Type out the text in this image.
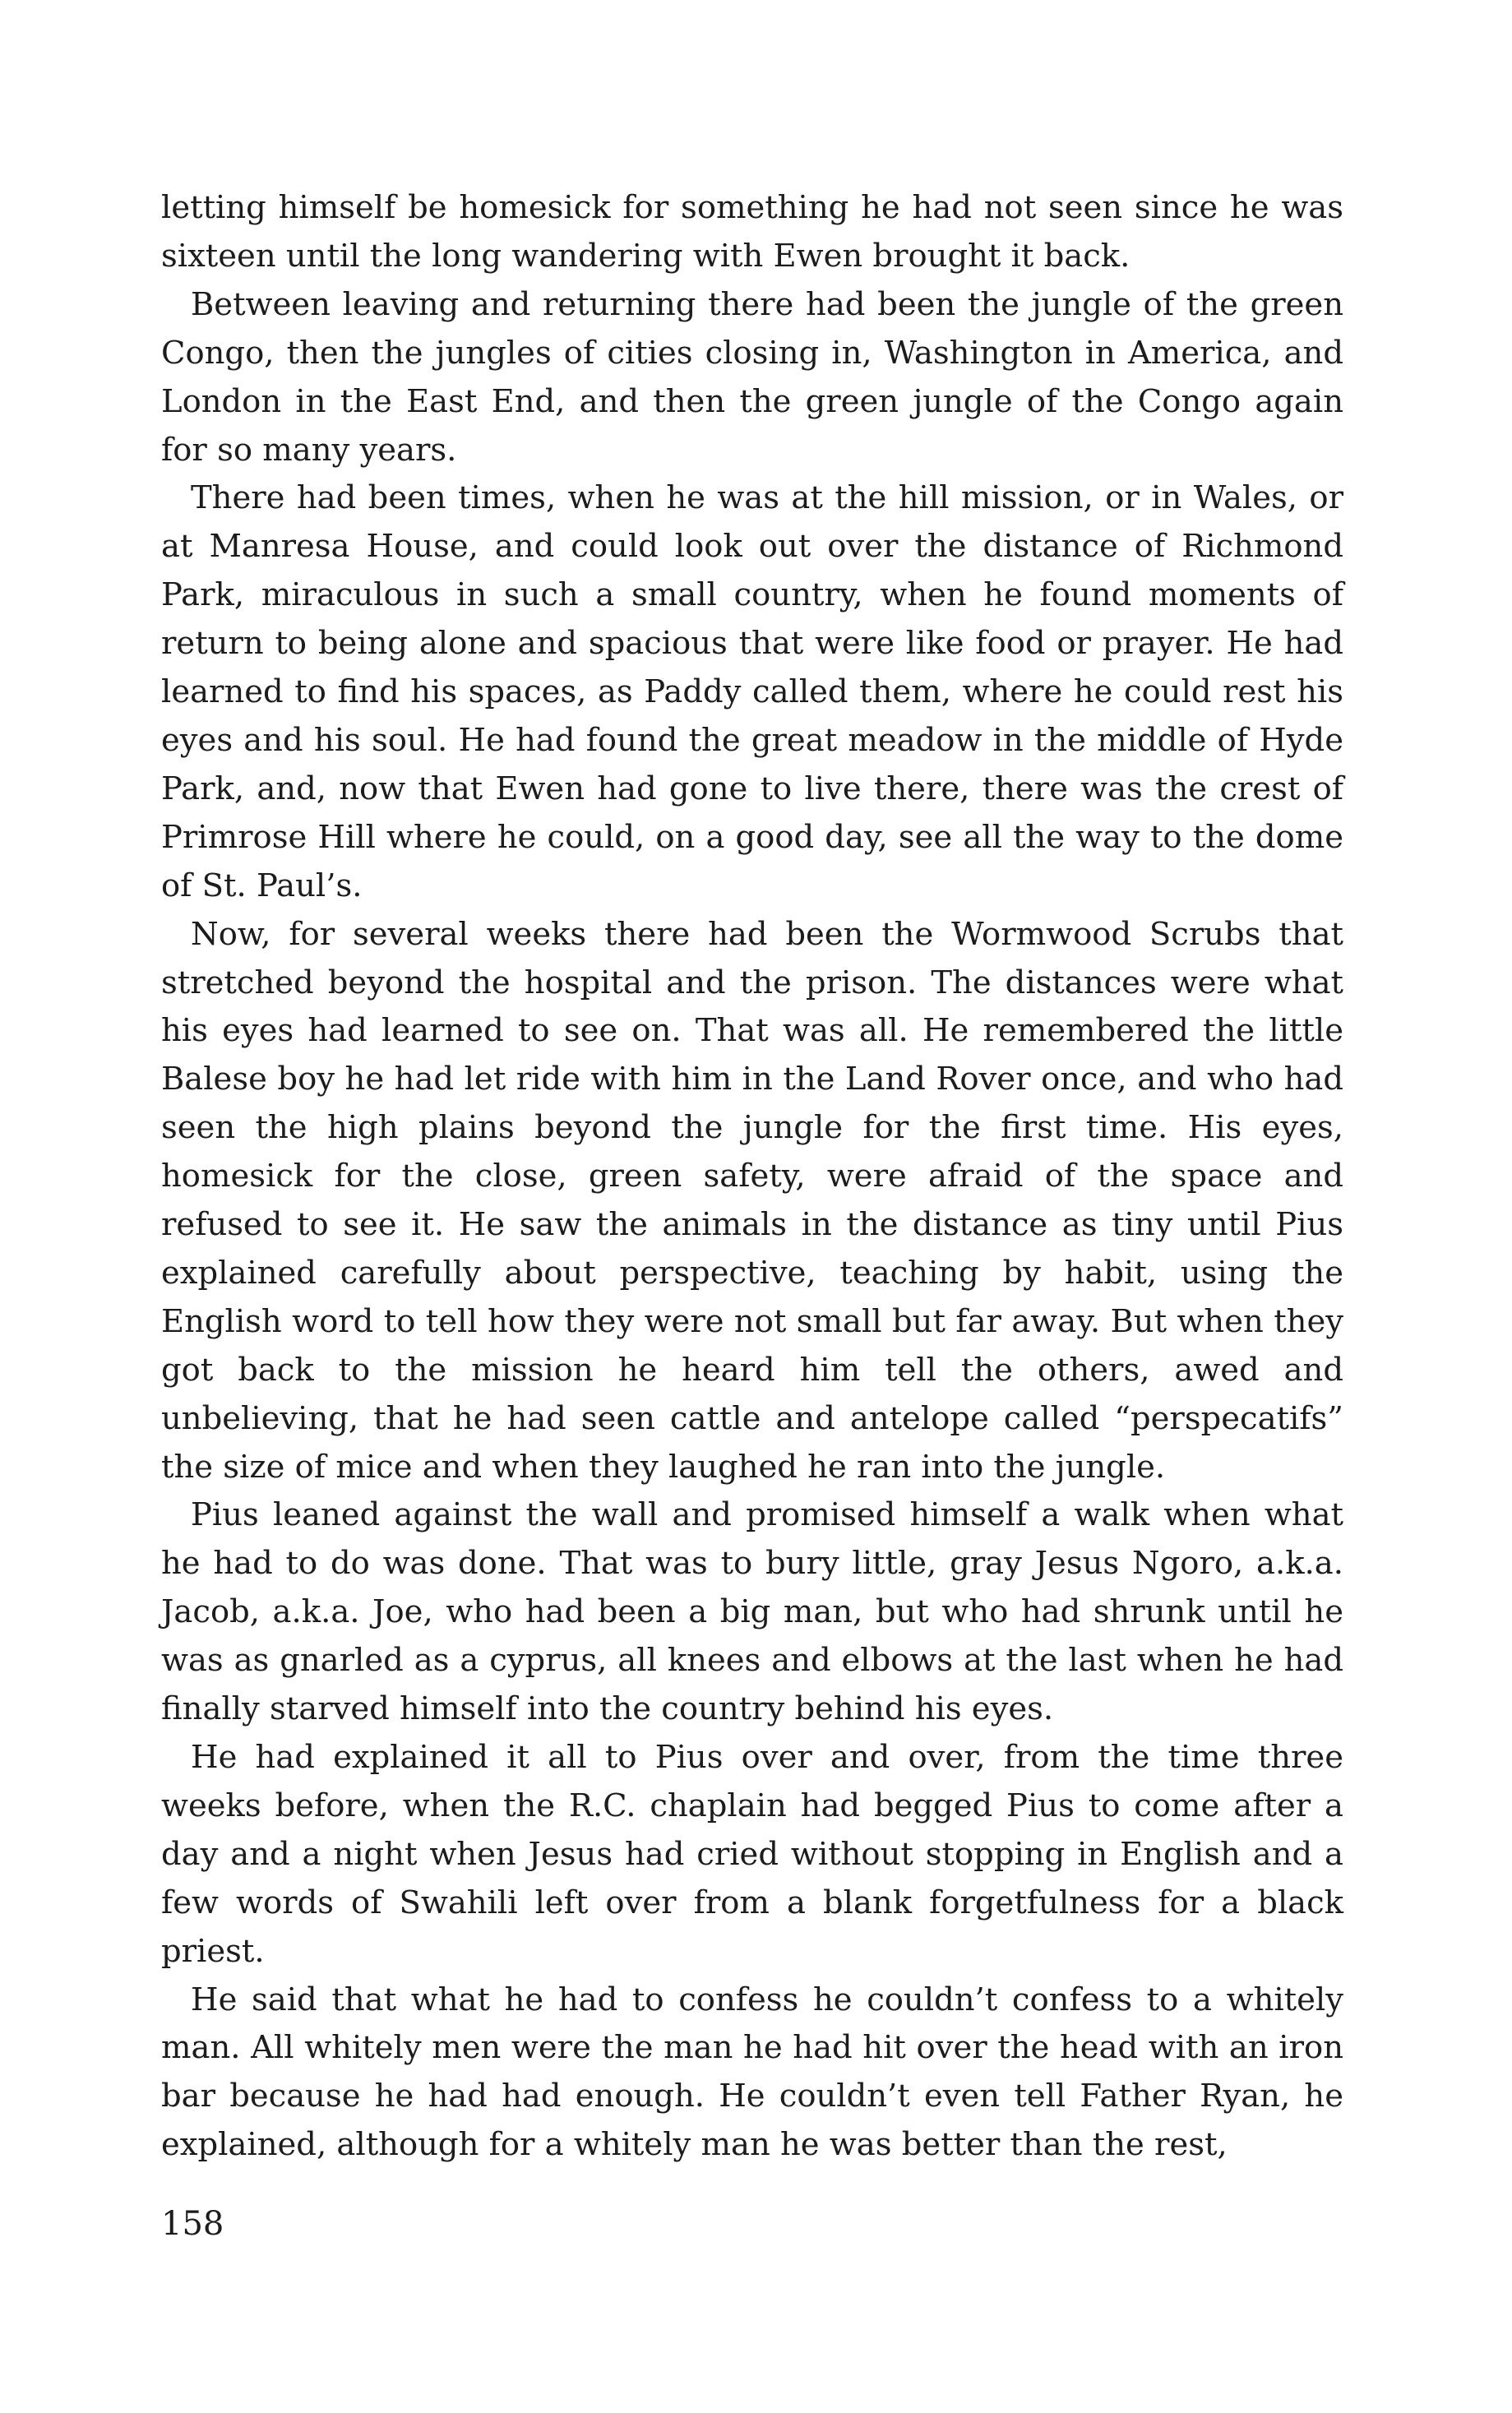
letting himself be homesick for something he had not seen since he was sixteen until the long wandering with Ewen brought it back.

Between leaving and returning there had been the jungle of the green Congo, then the jungles of cities closing in, Washington in America, and London in the East End, and then the green jungle of the Congo again for so many years.

There had been times, when he was at the hill mission, or in Wales, or at Manresa House, and could look out over the distance of Richmond Park, miraculous in such a small country, when he found moments of return to being alone and spacious that were like food or prayer. He had learned to find his spaces, as Paddy called them, where he could rest his eyes and his soul. He had found the great meadow in the middle of Hyde Park, and, now that Ewen had gone to live there, there was the crest of Primrose Hill where he could, on a good day, see all the way to the dome of St. Paul’s.

Now, for several weeks there had been the Wormwood Scrubs that stretched beyond the hospital and the prison. The distances were what his eyes had learned to see on. That was all. He remembered the little Balese boy he had let ride with him in the Land Rover once, and who had seen the high plains beyond the jungle for the first time. His eyes, homesick for the close, green safety, were afraid of the space and refused to see it. He saw the animals in the distance as tiny until Pius explained carefully about perspective, teaching by habit, using the English word to tell how they were not small but far away. But when they got back to the mission he heard him tell the others, awed and unbelieving, that he had seen cattle and antelope called “perspecatifs” the size of mice and when they laughed he ran into the jungle.

Pius leaned against the wall and promised himself a walk when what he had to do was done. That was to bury little, gray Jesus Ngoro, a.k.a. Jacob, a.k.a. Joe, who had been a big man, but who had shrunk until he was as gnarled as a cyprus, all knees and elbows at the last when he had finally starved himself into the country behind his eyes.

He had explained it all to Pius over and over, from the time three weeks before, when the R.C. chaplain had begged Pius to come after a day and a night when Jesus had cried without stopping in English and a few words of Swahili left over from a blank forgetfulness for a black priest.

He said that what he had to confess he couldn’t confess to a whitely man. All whitely men were the man he had hit over the head with an iron bar because he had had enough. He couldn’t even tell Father Ryan, he explained, although for a whitely man he was better than the rest,

158
